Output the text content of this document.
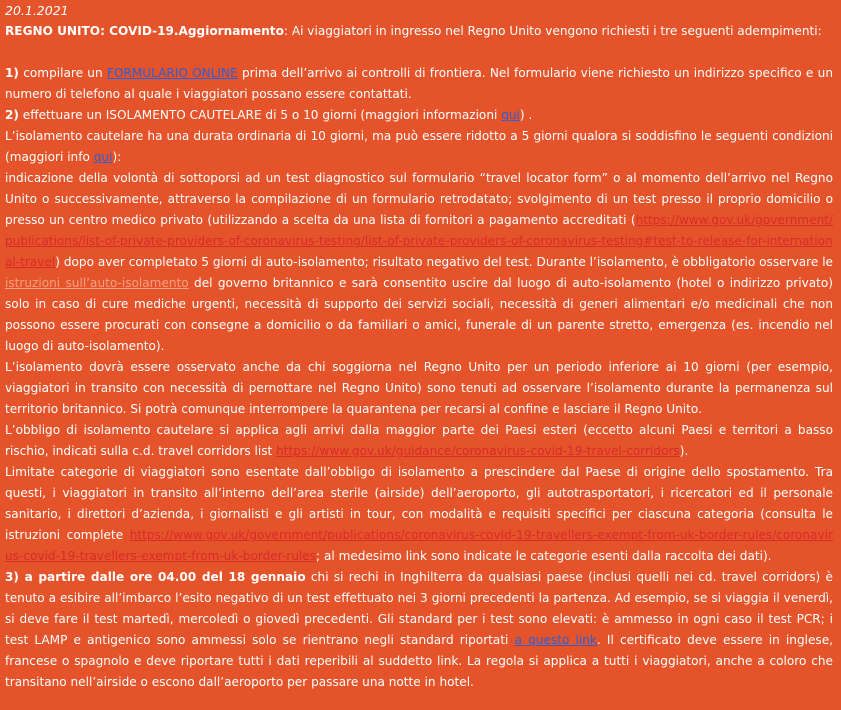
20.1.2021

REGNO UNITO: COVID-19.Aggiornamento: Ai viaggiatori in ingresso nel Regno Unito vengono richiesti i tre seguenti adempimenti:

1) compilare un FORMULARIO ONLINE prima dell’arrivo ai controlli di frontiera. Nel formulario viene richiesto un indirizzo specifico e un numero di telefono al quale i viaggiatori possano essere contattati.

2) effettuare un ISOLAMENTO CAUTELARE di 5 o 10 giorni (maggiori informazioni qui) .

L’isolamento cautelare ha una durata ordinaria di 10 giorni, ma può essere ridotto a 5 giorni qualora si soddisfino le seguenti condizioni (maggiori info qui):

indicazione della volontà di sottoporsi ad un test diagnostico sul formulario “travel locator form” o al momento dell’arrivo nel Regno Unito o successivamente, attraverso la compilazione di un formulario retrodatato; svolgimento di un test presso il proprio domicilio o presso un centro medico privato (utilizzando a scelta da una lista di fornitori a pagamento accreditati (https://www.gov.uk/government/publications/list-of-private-providers-of-coronavirus-testing/list-of-private-providers-of-coronavirus-testing#test-to-release-for-international-travel) dopo aver completato 5 giorni di auto-isolamento; risultato negativo del test. Durante l’isolamento, è obbligatorio osservare le istruzioni sull’auto-isolamento del governo britannico e sarà consentito uscire dal luogo di auto-isolamento (hotel o indirizzo privato) solo in caso di cure mediche urgenti, necessità di supporto dei servizi sociali, necessità di generi alimentari e/o medicinali che non possono essere procurati con consegne a domicilio o da familiari o amici, funerale di un parente stretto, emergenza (es. incendio nel luogo di auto-isolamento).

L’isolamento dovrà essere osservato anche da chi soggiorna nel Regno Unito per un periodo inferiore ai 10 giorni (per esempio, viaggiatori in transito con necessità di pernottare nel Regno Unito) sono tenuti ad osservare l’isolamento durante la permanenza sul territorio britannico. Si potrà comunque interrompere la quarantena per recarsi al confine e lasciare il Regno Unito.

L’obbligo di isolamento cautelare si applica agli arrivi dalla maggior parte dei Paesi esteri (eccetto alcuni Paesi e territori a basso rischio, indicati sulla c.d. travel corridors list https://www.gov.uk/guidance/coronavirus-covid-19-travel-corridors).

Limitate categorie di viaggiatori sono esentate dall’obbligo di isolamento a prescindere dal Paese di origine dello spostamento. Tra questi, i viaggiatori in transito all’interno dell’area sterile (airside) dell’aeroporto, gli autotrasportatori, i ricercatori ed il personale sanitario, i direttori d’azienda, i giornalisti e gli artisti in tour, con modalità e requisiti specifici per ciascuna categoria (consulta le istruzioni complete https://www.gov.uk/government/publications/coronavirus-covid-19-travellers-exempt-from-uk-border-rules/coronavirus-covid-19-travellers-exempt-from-uk-border-rules; al medesimo link sono indicate le categorie esenti dalla raccolta dei dati).

3) a partire dalle ore 04.00 del 18 gennaio chi si rechi in Inghilterra da qualsiasi paese (inclusi quelli nei cd. travel corridors) è tenuto a esibire all’imbarco l’esito negativo di un test effettuato nei 3 giorni precedenti la partenza. Ad esempio, se si viaggia il venerdì, si deve fare il test martedì, mercoledì o giovedì precedenti. Gli standard per i test sono elevati: è ammesso in ogni caso il test PCR; i test LAMP e antigenico sono ammessi solo se rientrano negli standard riportati a questo link. Il certificato deve essere in inglese, francese o spagnolo e deve riportare tutti i dati reperibili al suddetto link. La regola si applica a tutti i viaggiatori, anche a coloro che transitano nell’airside o escono dall’aeroporto per passare una notte in hotel.
